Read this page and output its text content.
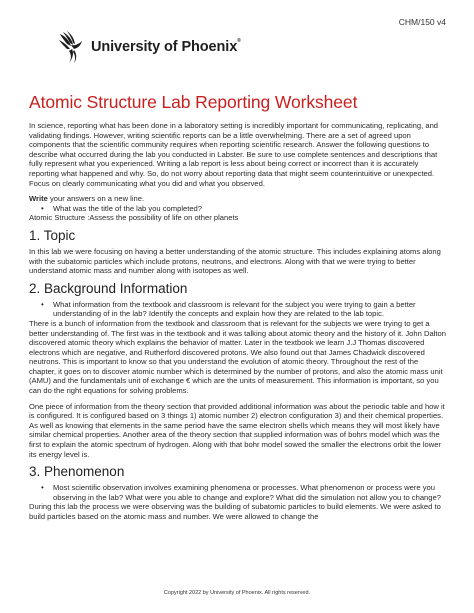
CHM/150 v4
University of Phoenix®
Atomic Structure Lab Reporting Worksheet

In science, reporting what has been done in a laboratory setting is incredibly important for communicating, replicating, and validating findings. However, writing scientific reports can be a little overwhelming. There are a set of agreed upon components that the scientific community requires when reporting scientific research. Answer the following questions to describe what occurred during the lab you conducted in Labster. Be sure to use complete sentences and descriptions that fully represent what you experienced. Writing a lab report is less about being correct or incorrect than it is accurately reporting what happened and why. So, do not worry about reporting data that might seem counterintuitive or unexpected. Focus on clearly communicating what you did and what you observed.

Write your answers on a new line.

• What was the title of the lab you completed?

Atomic Structure :Assess the possibility of life on other planets

1. Topic

In this lab we were focusing on having a better understanding of the atomic structure. This includes explaining atoms along with the subatomic particles which include protons, neutrons, and electrons. Along with that we were trying to better understand atomic mass and number along with isotopes as well.

2. Background Information
• What information from the textbook and classroom is relevant for the subject you were trying to gain a better understanding of in the lab? Identify the concepts and explain how they are related to the lab topic.

There is a bunch of information from the textbook and classroom that is relevant for the subjects we were trying to get a better understanding of. The first was in the textbook and it was talking about atomic theory and the history of it. John Dalton discovered atomic theory which explains the behavior of matter. Later in the textbook we learn J.J Thomas discovered electrons which are negative, and Rutherford discovered protons. We also found out that James Chadwick discovered neutrons. This is important to know so that you understand the evolution of atomic theory. Throughout the rest of the chapter, it goes on to discover atomic number which is determined by the number of protons, and also the atomic mass unit (AMU) and the fundamentals unit of exchange € which are the units of measurement. This information is important, so you can do the right equations for solving problems.

One piece of information from the theory section that provided additional information was about the periodic table and how it is configured. It is configured based on 3 things 1) atomic number 2) electron configuration 3) and their chemical properties. As well as knowing that elements in the same period have the same electron shells which means they will most likely have similar chemical properties. Another area of the theory section that supplied information was of bohrs model which was the first to explain the atomic spectrum of hydrogen. Along with that bohr model sowed the smaller the electrons orbit the lower its energy level is.

3. Phenomenon
• Most scientific observation involves examining phenomena or processes. What phenomenon or process were you observing in the lab? What were you able to change and explore? What did the simulation not allow you to change?

During this lab the process we were observing was the building of subatomic particles to build elements. We were asked to build particles based on the atomic mass and number. We were allowed to change the

Copyright 2022 by University of Phoenix. All rights reserved.
